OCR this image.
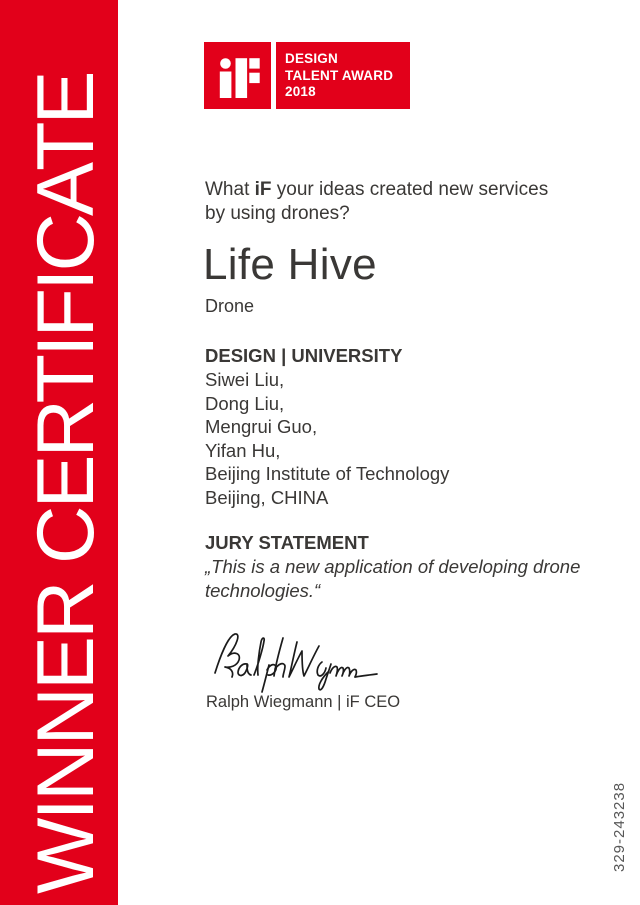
WINNER CERTIFICATE
DESIGN
TALENT AWARD
2018
What iF your ideas created new services
by using drones?
Life Hive
Drone
DESIGN | UNIVERSITY
Siwei Liu,
Dong Liu,
Mengrui Guo,
Yifan Hu,
Beijing Institute of Technology
Beijing, CHINA
JURY STATEMENT
„This is a new application of developing drone
technologies.“
Ralph Wiegmann | iF CEO
329-243238
